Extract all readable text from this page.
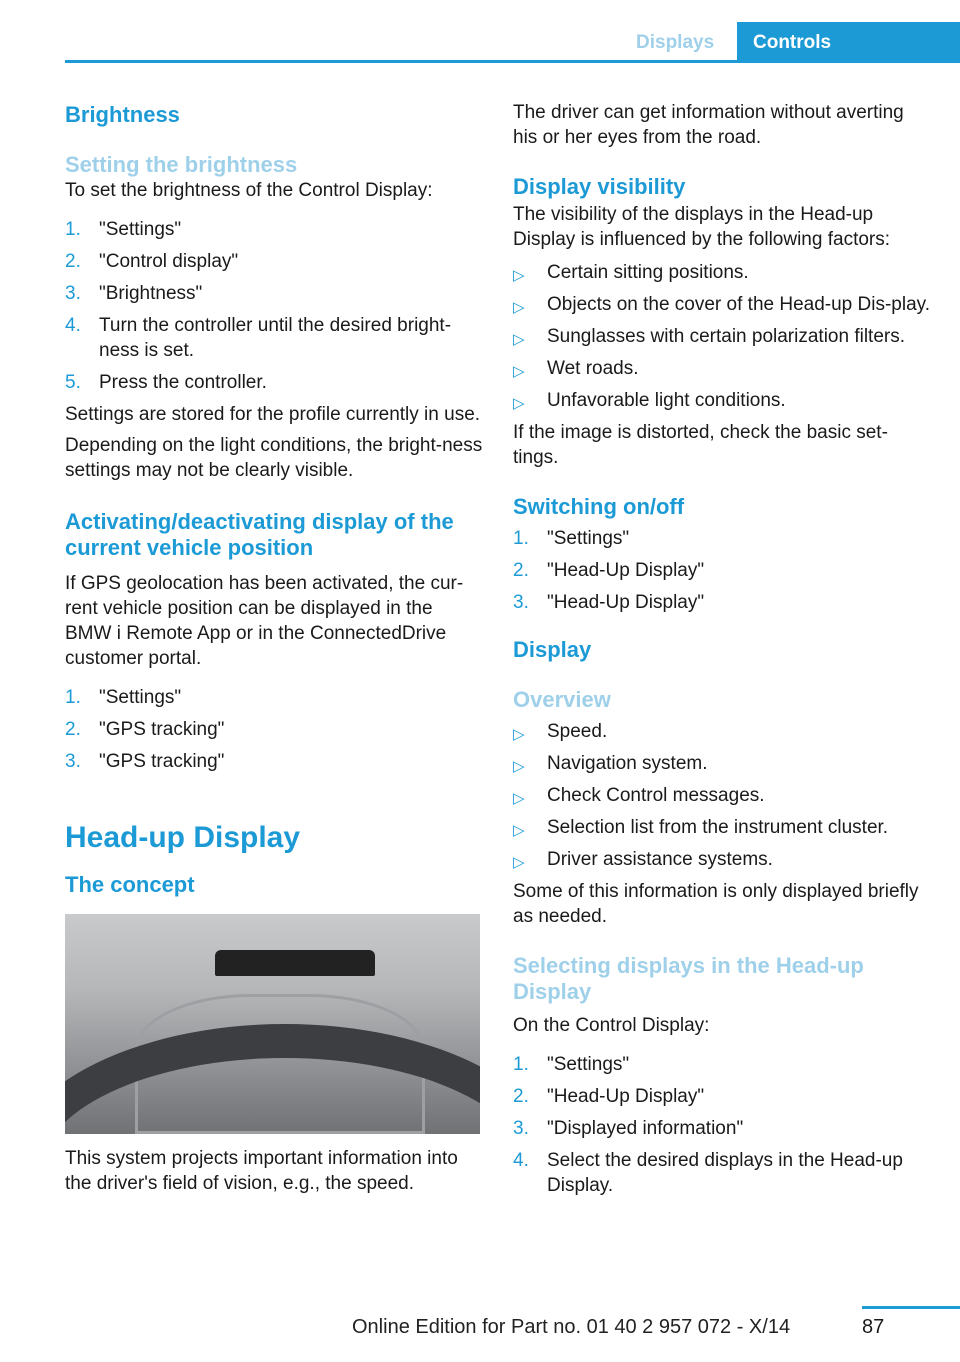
Displays	Controls
Brightness
Setting the brightness

To set the brightness of the Control Display:

1. "Settings"
2. "Control display"
3. "Brightness"
4. Turn the controller until the desired bright‐ness is set.
5. Press the controller.

Settings are stored for the profile currently in use.

Depending on the light conditions, the bright‐ness settings may not be clearly visible.

Activating/deactivating display of the current vehicle position

If GPS geolocation has been activated, the cur‐rent vehicle position can be displayed in the BMW i Remote App or in the ConnectedDrive customer portal.

1. "Settings"
2. "GPS tracking"
3. "GPS tracking"
Head-up Display
The concept

This system projects important information into the driver's field of vision, e.g., the speed.

The driver can get information without averting his or her eyes from the road.

Display visibility

The visibility of the displays in the Head-up Display is influenced by the following factors:

▷ Certain sitting positions.
▷ Objects on the cover of the Head-up Dis‐play.
▷ Sunglasses with certain polarization filters.
▷ Wet roads.
▷ Unfavorable light conditions.

If the image is distorted, check the basic set‐tings.

Switching on/off
1. "Settings"
2. "Head-Up Display"
3. "Head-Up Display"
Display
Overview
▷ Speed.
▷ Navigation system.
▷ Check Control messages.
▷ Selection list from the instrument cluster.
▷ Driver assistance systems.

Some of this information is only displayed briefly as needed.

Selecting displays in the Head-up Display

On the Control Display:

1. "Settings"
2. "Head-Up Display"
3. "Displayed information"
4. Select the desired displays in the Head-up Display.
87
Online Edition for Part no. 01 40 2 957 072 - X/14
